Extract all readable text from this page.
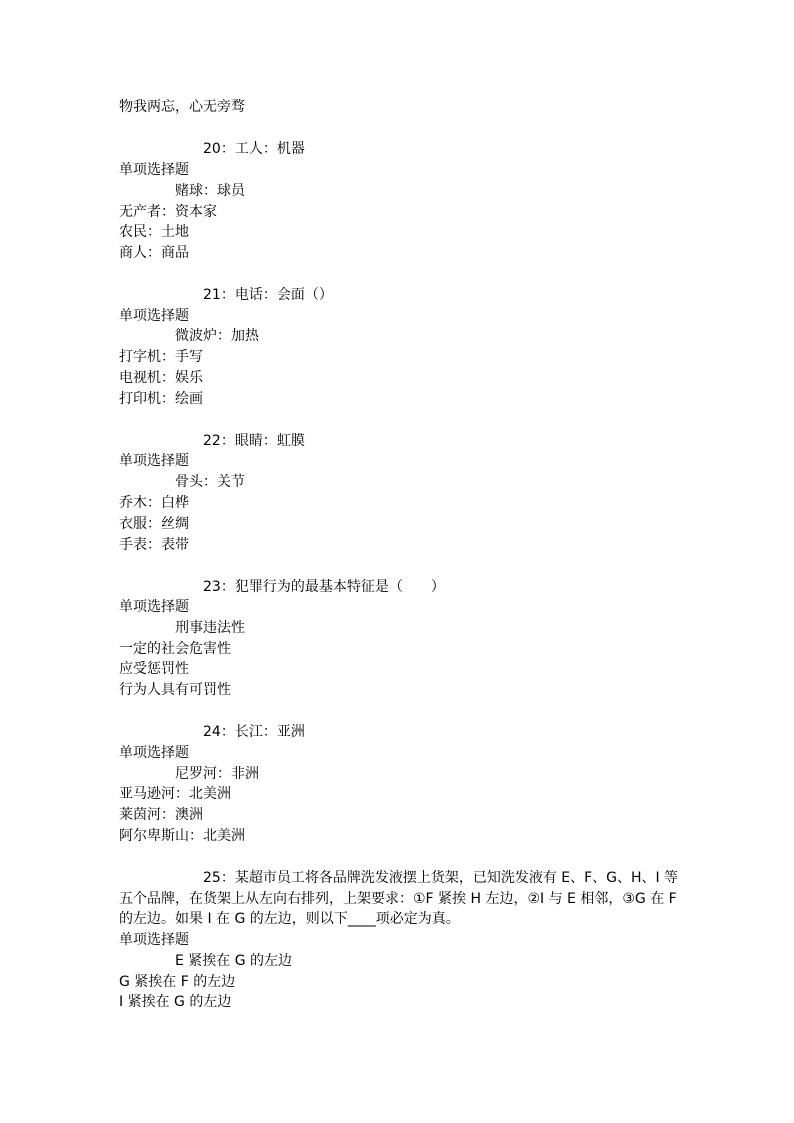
物我两忘，心无旁骛
20：工人：机器
单项选择题
赌球：球员
无产者：资本家
农民：土地
商人：商品
21：电话：会面（）
单项选择题
微波炉：加热
打字机：手写
电视机：娱乐
打印机：绘画
22：眼睛：虹膜
单项选择题
骨头：关节
乔木：白桦
衣服：丝绸
手表：表带
23：犯罪行为的最基本特征是（　　）
单项选择题
刑事违法性
一定的社会危害性
应受惩罚性
行为人具有可罚性
24：长江：亚洲
单项选择题
尼罗河：非洲
亚马逊河：北美洲
莱茵河：澳洲
阿尔卑斯山：北美洲
25：某超市员工将各品牌洗发液摆上货架，已知洗发液有 E、F、G、H、I 等
五个品牌，在货架上从左向右排列，上架要求：①F 紧挨 H 左边，②I 与 E 相邻，③G 在 F
的左边。如果 I 在 G 的左边，则以下____项必定为真。
单项选择题
E 紧挨在 G 的左边
G 紧挨在 F 的左边
I 紧挨在 G 的左边
